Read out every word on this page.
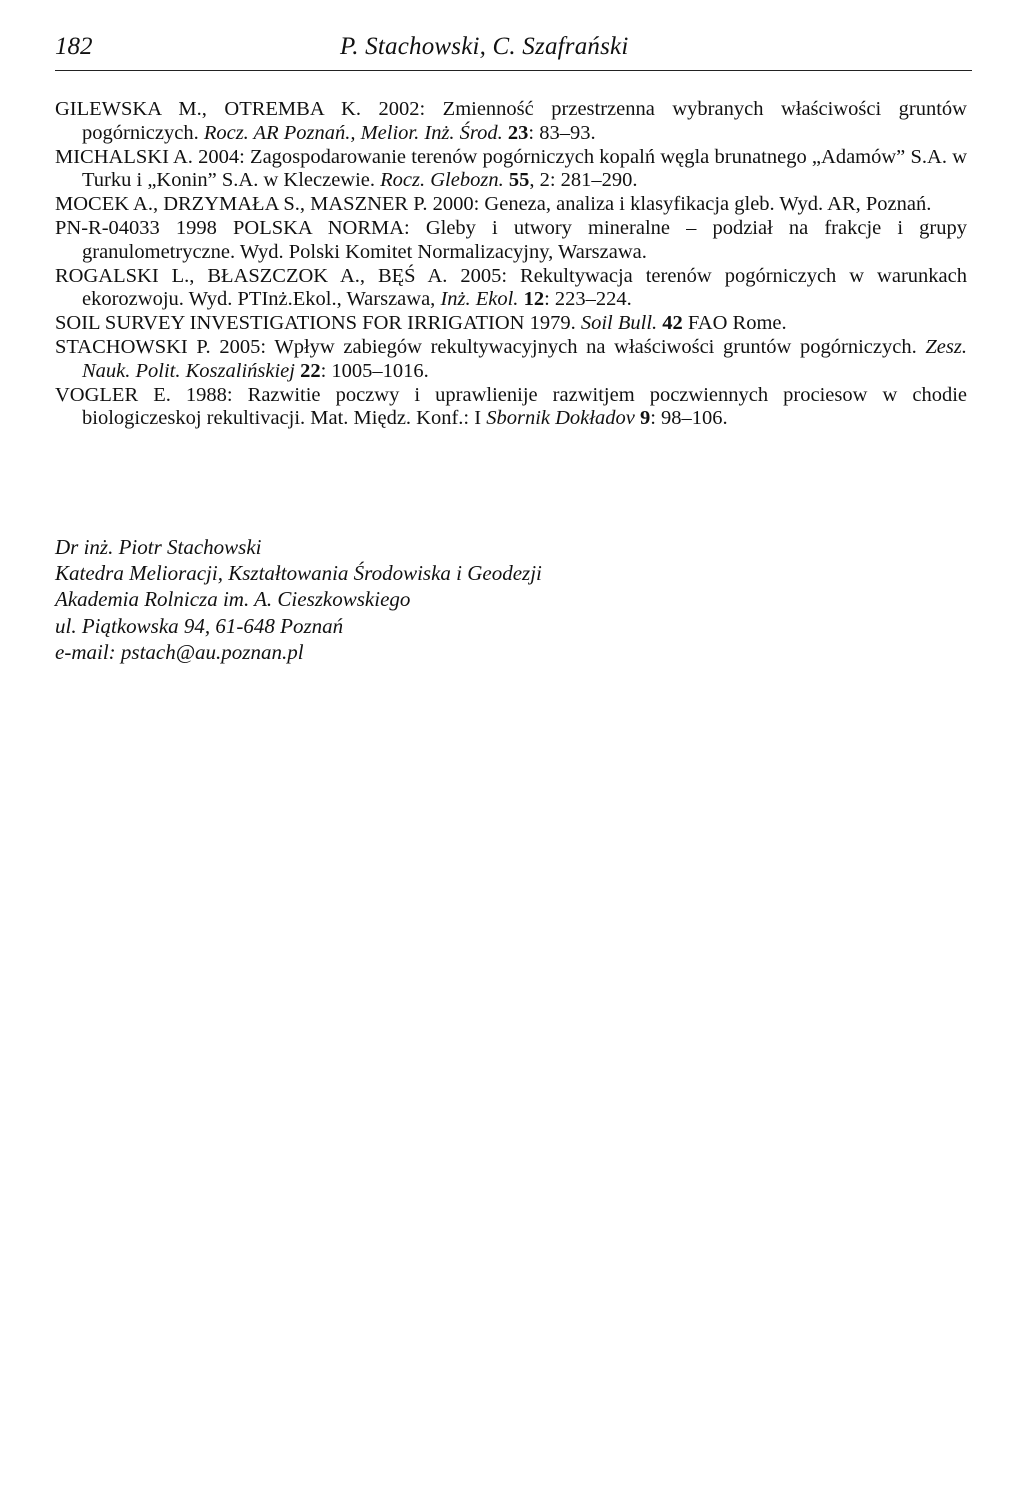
182	P. Stachowski, C. Szafrański

GILEWSKA M., OTREMBA K. 2002: Zmienność przestrzenna wybranych właściwości gruntów pogórniczych. Rocz. AR Poznań., Melior. Inż. Środ. 23: 83–93.

MICHALSKI A. 2004: Zagospodarowanie terenów pogórniczych kopalń węgla brunatnego „Adamów” S.A. w Turku i „Konin” S.A. w Kleczewie. Rocz. Glebozn. 55, 2: 281–290.

MOCEK A., DRZYMAŁA S., MASZNER P. 2000: Geneza, analiza i klasyfikacja gleb. Wyd. AR, Poznań.

PN-R-04033 1998 POLSKA NORMA: Gleby i utwory mineralne – podział na frakcje i grupy granulometryczne. Wyd. Polski Komitet Normalizacyjny, Warszawa.

ROGALSKI L., BŁASZCZOK A., BĘŚ A. 2005: Rekultywacja terenów pogórniczych w warunkach ekorozwoju. Wyd. PTInż.Ekol., Warszawa, Inż. Ekol. 12: 223–224.

SOIL SURVEY INVESTIGATIONS FOR IRRIGATION 1979. Soil Bull. 42 FAO Rome.

STACHOWSKI P. 2005: Wpływ zabiegów rekultywacyjnych na właściwości gruntów pogórniczych. Zesz. Nauk. Polit. Koszalińskiej 22: 1005–1016.

VOGLER E. 1988: Razwitie poczwy i uprawlienije razwitjem poczwiennych prociesow w chodie biologiczeskoj rekultivacji. Mat. Międz. Konf.: I Sbornik Dokładov 9: 98–106.

Dr inż. Piotr Stachowski
Katedra Melioracji, Kształtowania Środowiska i Geodezji
Akademia Rolnicza im. A. Cieszkowskiego
ul. Piątkowska 94, 61-648 Poznań
e-mail: pstach@au.poznan.pl
